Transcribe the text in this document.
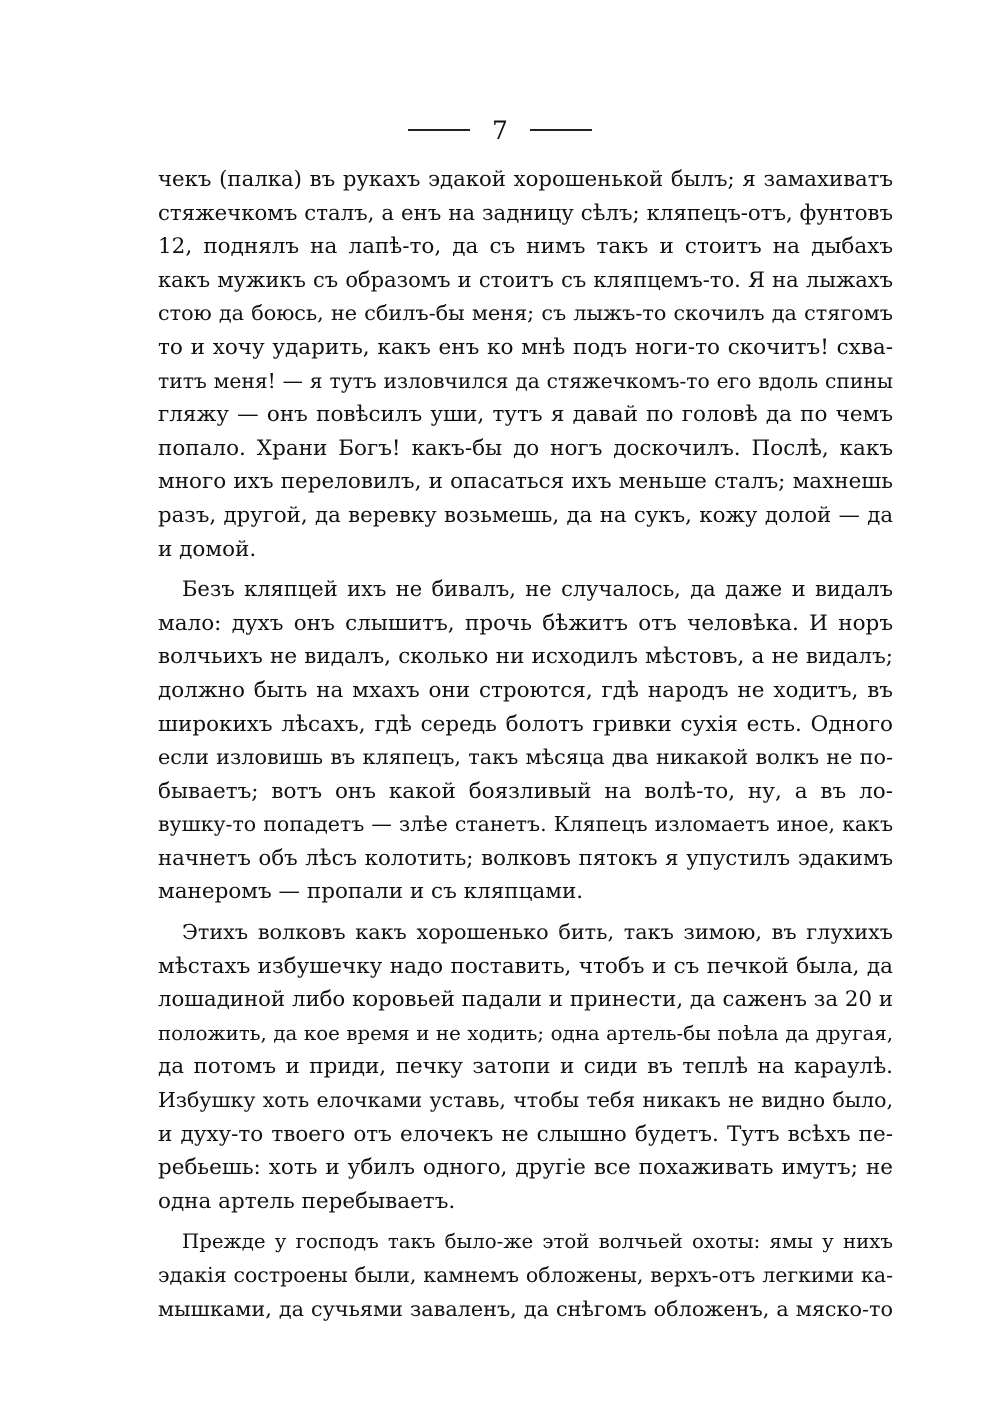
7

чекъ (палка) въ рукахъ эдакой хорошенькой былъ; я замахиватъ
стяжечкомъ сталъ, а енъ на задницу сѣлъ; кляпецъ-отъ, фунтовъ
12, поднялъ на лапѣ-то, да съ нимъ такъ и стоитъ на дыбахъ
какъ мужикъ съ образомъ и стоитъ съ кляпцемъ-то. Я на лыжахъ
стою да боюсь, не сбилъ-бы меня; съ лыжъ-то скочилъ да стягомъ
то и хочу ударить, какъ енъ ко мнѣ подъ ноги-то скочитъ! схва-
титъ меня! — я тутъ изловчился да стяжечкомъ-то его вдоль спины
гляжу — онъ повѣсилъ уши, тутъ я давай по головѣ да по чемъ
попало. Храни Богъ! какъ-бы до ногъ доскочилъ. Послѣ, какъ
много ихъ переловилъ, и опасаться ихъ меньше сталъ; махнешь
разъ, другой, да веревку возьмешь, да на сукъ, кожу долой — да
и домой.

Безъ кляпцей ихъ не бивалъ, не случалось, да даже и видалъ
мало: духъ онъ слышитъ, прочь бѣжитъ отъ человѣка. И норъ
волчьихъ не видалъ, сколько ни исходилъ мѣстовъ, а не видалъ;
должно быть на мхахъ они строются, гдѣ народъ не ходитъ, въ
широкихъ лѣсахъ, гдѣ середь болотъ гривки сухія есть. Одного
если изловишь въ кляпецъ, такъ мѣсяца два никакой волкъ не по-
бываетъ; вотъ онъ какой боязливый на волѣ-то, ну, а въ ло-
вушку-то попадетъ — злѣе станетъ. Кляпецъ изломаетъ иное, какъ
начнетъ объ лѣсъ колотить; волковъ пятокъ я упустилъ эдакимъ
манеромъ — пропали и съ кляпцами.

Этихъ волковъ какъ хорошенько бить, такъ зимою, въ глухихъ
мѣстахъ избушечку надо поставить, чтобъ и съ печкой была, да
лошадиной либо коровьей падали и принести, да саженъ за 20 и
положить, да кое время и не ходить; одна артель-бы поѣла да другая,
да потомъ и приди, печку затопи и сиди въ теплѣ на караулѣ.
Избушку хоть елочками уставь, чтобы тебя никакъ не видно было,
и духу-то твоего отъ елочекъ не слышно будетъ. Тутъ всѣхъ пе-
ребьешь: хоть и убилъ одного, другіе все похаживать имутъ; не
одна артель перебываетъ.

Прежде у господъ такъ было-же этой волчьей охоты: ямы у нихъ
эдакія состроены были, камнемъ обложены, верхъ-отъ легкими ка-
мышками, да сучьями заваленъ, да снѣгомъ обложенъ, а мяско-то
